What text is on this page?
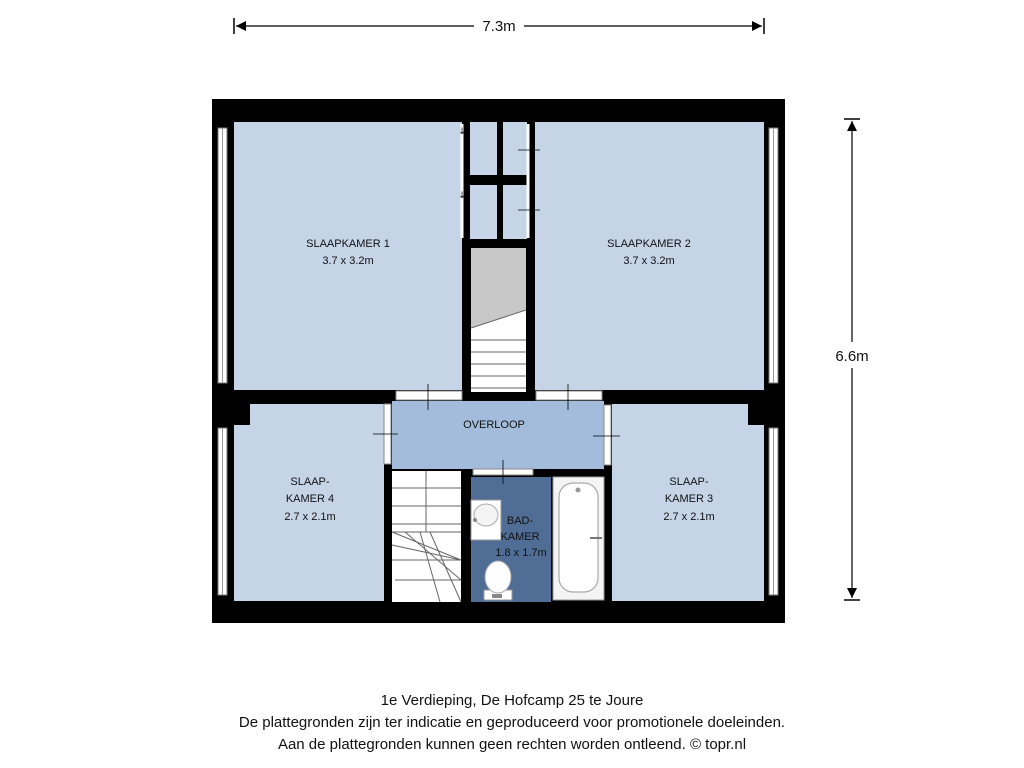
7.3m
6.6m
↓
↓
SLAAPKAMER 1
3.7 x 3.2m
SLAAPKAMER 2
3.7 x 3.2m
OVERLOOP
SLAAP-
KAMER 4
2.7 x 2.1m
SLAAP-
KAMER 3
2.7 x 2.1m
BAD-
KAMER
1.8 x 1.7m
1e Verdieping, De Hofcamp 25 te Joure
De plattegronden zijn ter indicatie en geproduceerd voor promotionele doeleinden.
Aan de plattegronden kunnen geen rechten worden ontleend. © topr.nl
